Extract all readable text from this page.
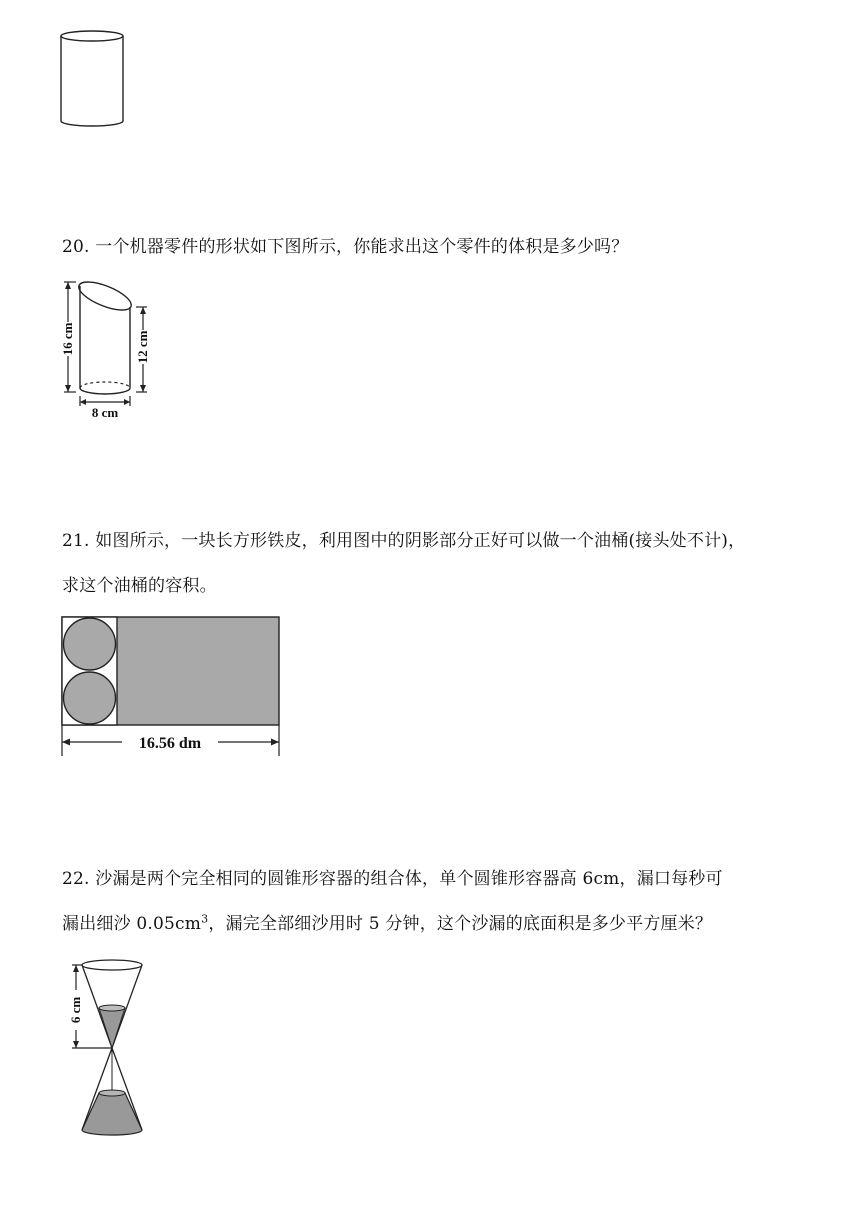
20. 一个机器零件的形状如下图所示，你能求出这个零件的体积是多少吗？
16 cm	12 cm
8 cm
21. 如图所示，一块长方形铁皮，利用图中的阴影部分正好可以做一个油桶(接头处不计)，
求这个油桶的容积。
16.56 dm
22. 沙漏是两个完全相同的圆锥形容器的组合体，单个圆锥形容器高 6cm，漏口每秒可
漏出细沙 $0.05cm^3$，漏完全部细沙用时 5 分钟，这个沙漏的底面积是多少平方厘米？
6 cm
